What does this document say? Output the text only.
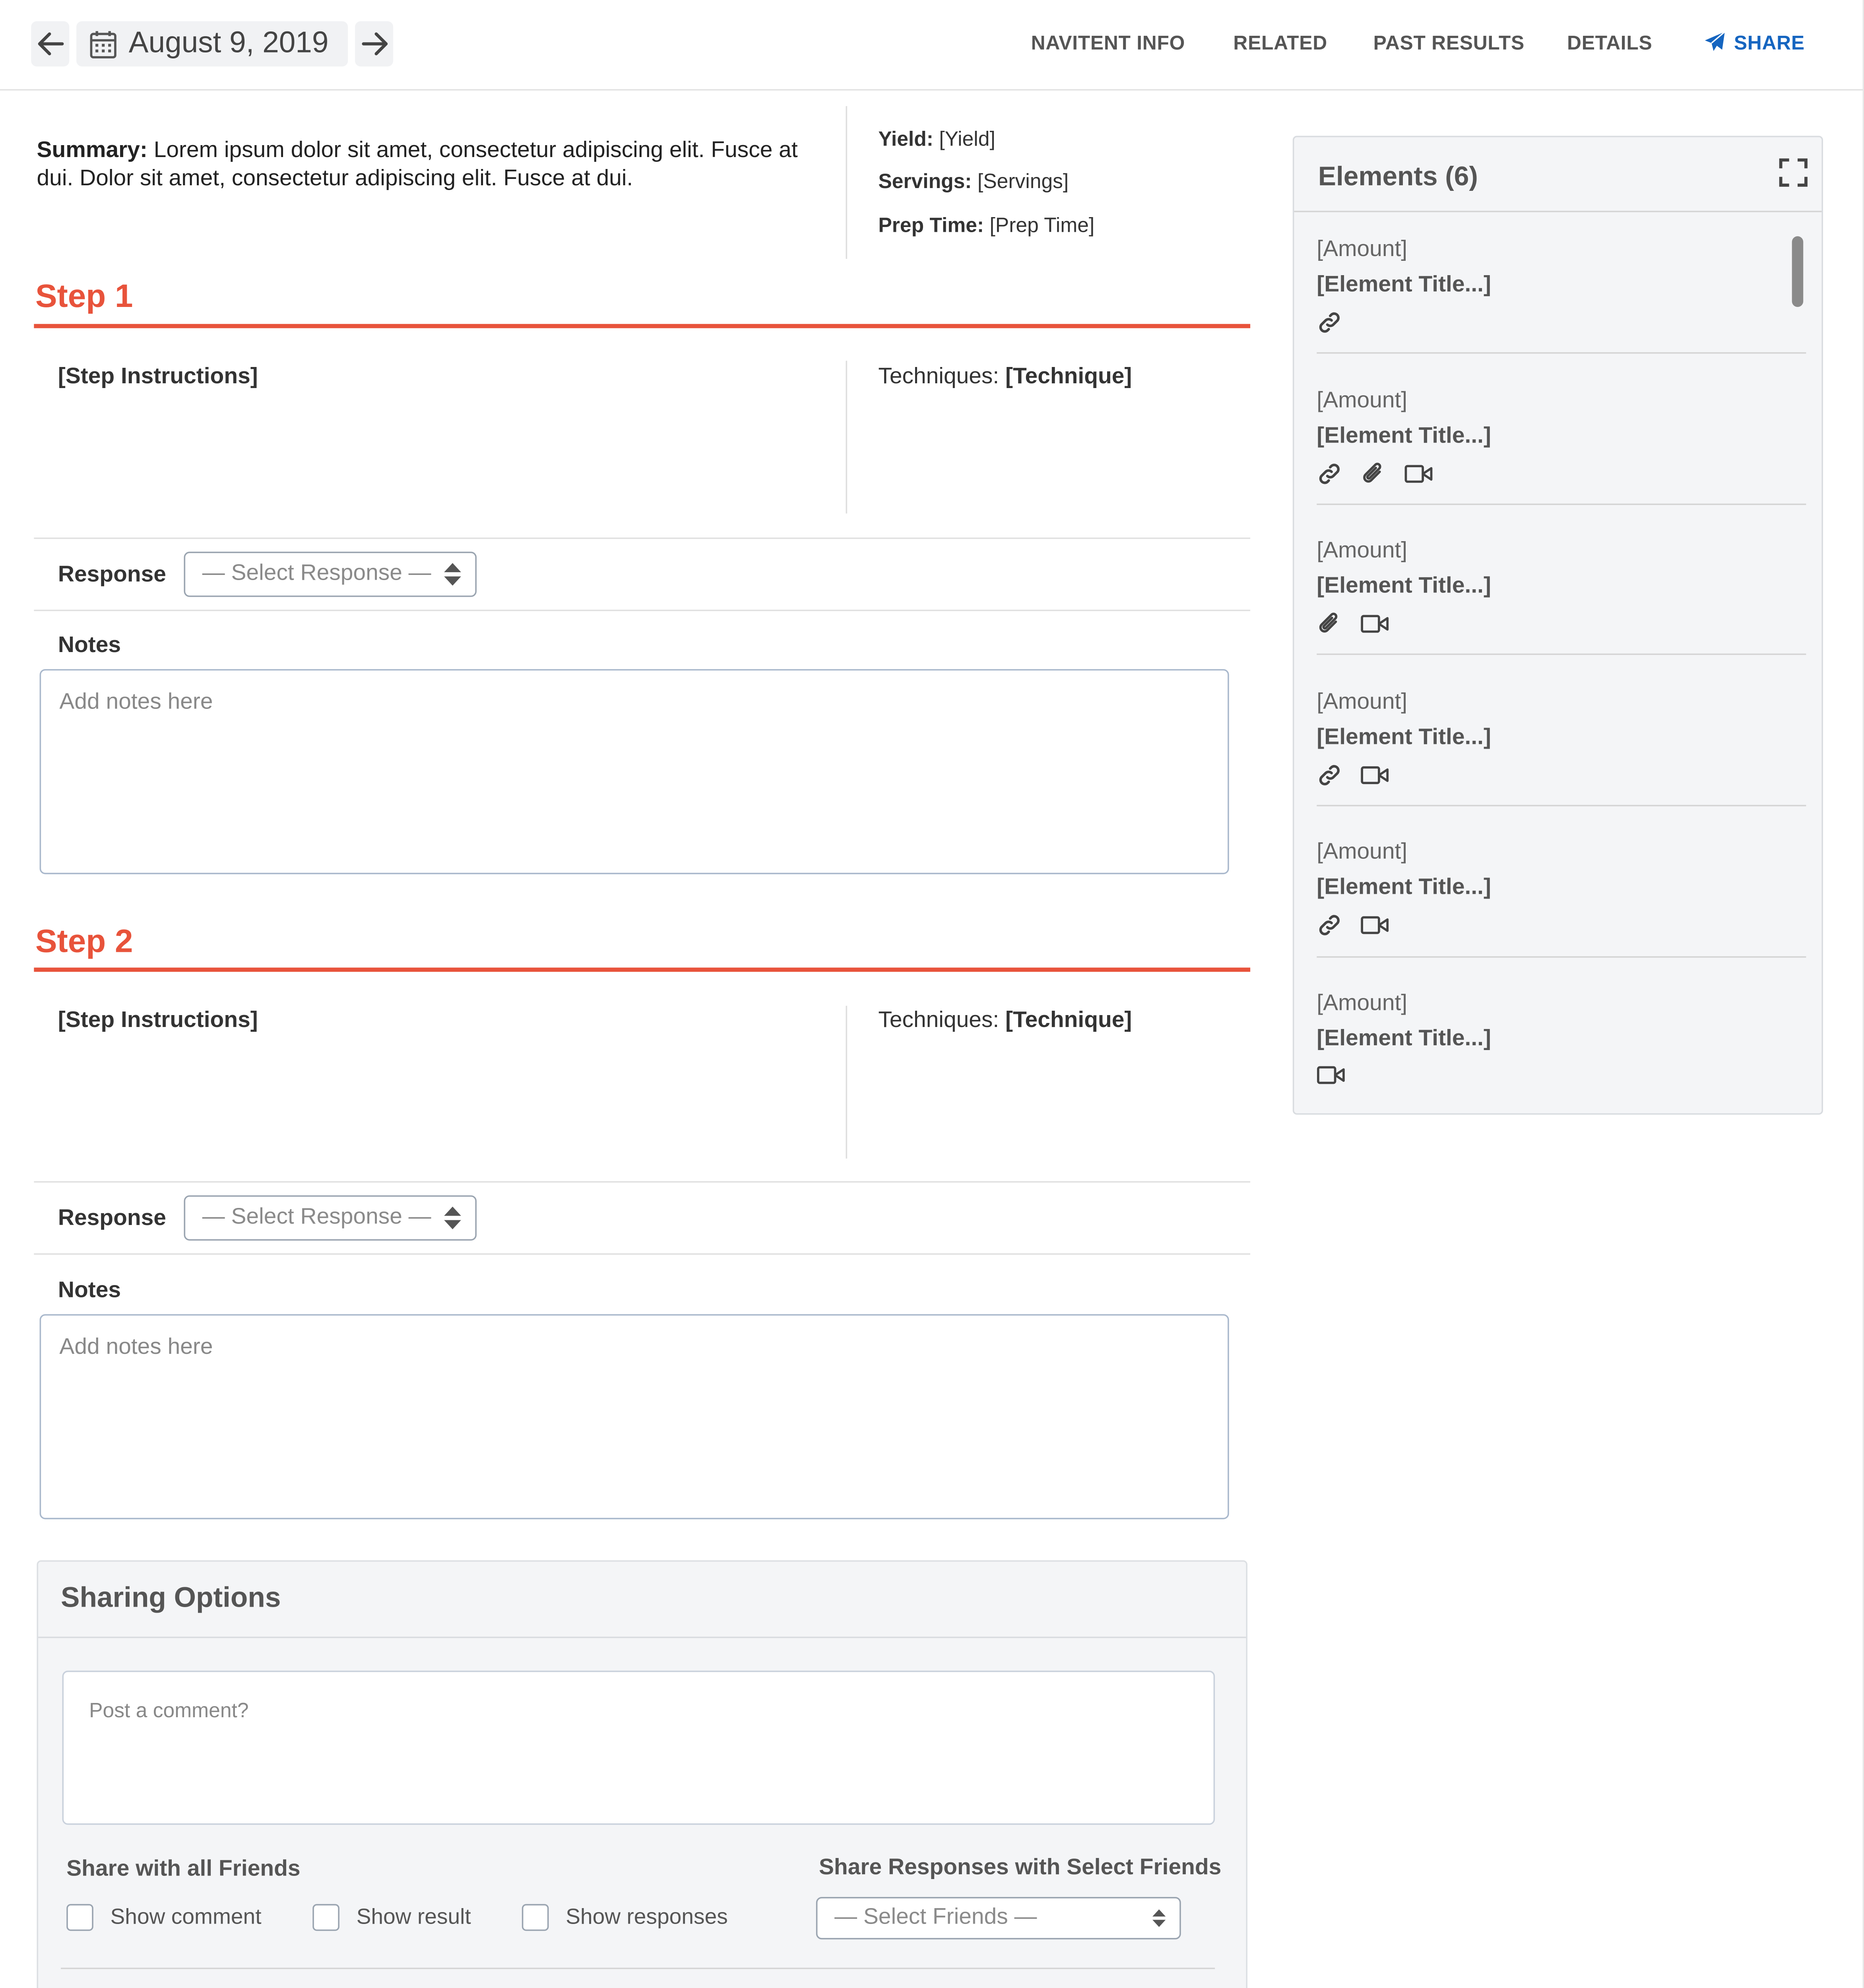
August 9, 2019	NAVITENT INFO	RELATED	PAST RESULTS	DETAILS	SHARE
Summary: Lorem ipsum dolor sit amet, consectetur adipiscing elit. Fusce at dui. Dolor sit amet, consectetur adipiscing elit. Fusce at dui.
Yield: [Yield]
Servings: [Servings]
Prep Time: [Prep Time]
Step 1
[Step Instructions]	Techniques: [Technique]
Response	— Select Response —
Notes
Add notes here
Step 2
[Step Instructions]	Techniques: [Technique]
Response	— Select Response —
Notes
Add notes here
Elements (6)
[Amount]
[Element Title...]
[Amount]
[Element Title...]
[Amount]
[Element Title...]
[Amount]
[Element Title...]
[Amount]
[Element Title...]
[Amount]
[Element Title...]
Sharing Options
Post a comment?
Share with all Friends
Show comment	Show result	Show responses
Share Responses with Select Friends
— Select Friends —
